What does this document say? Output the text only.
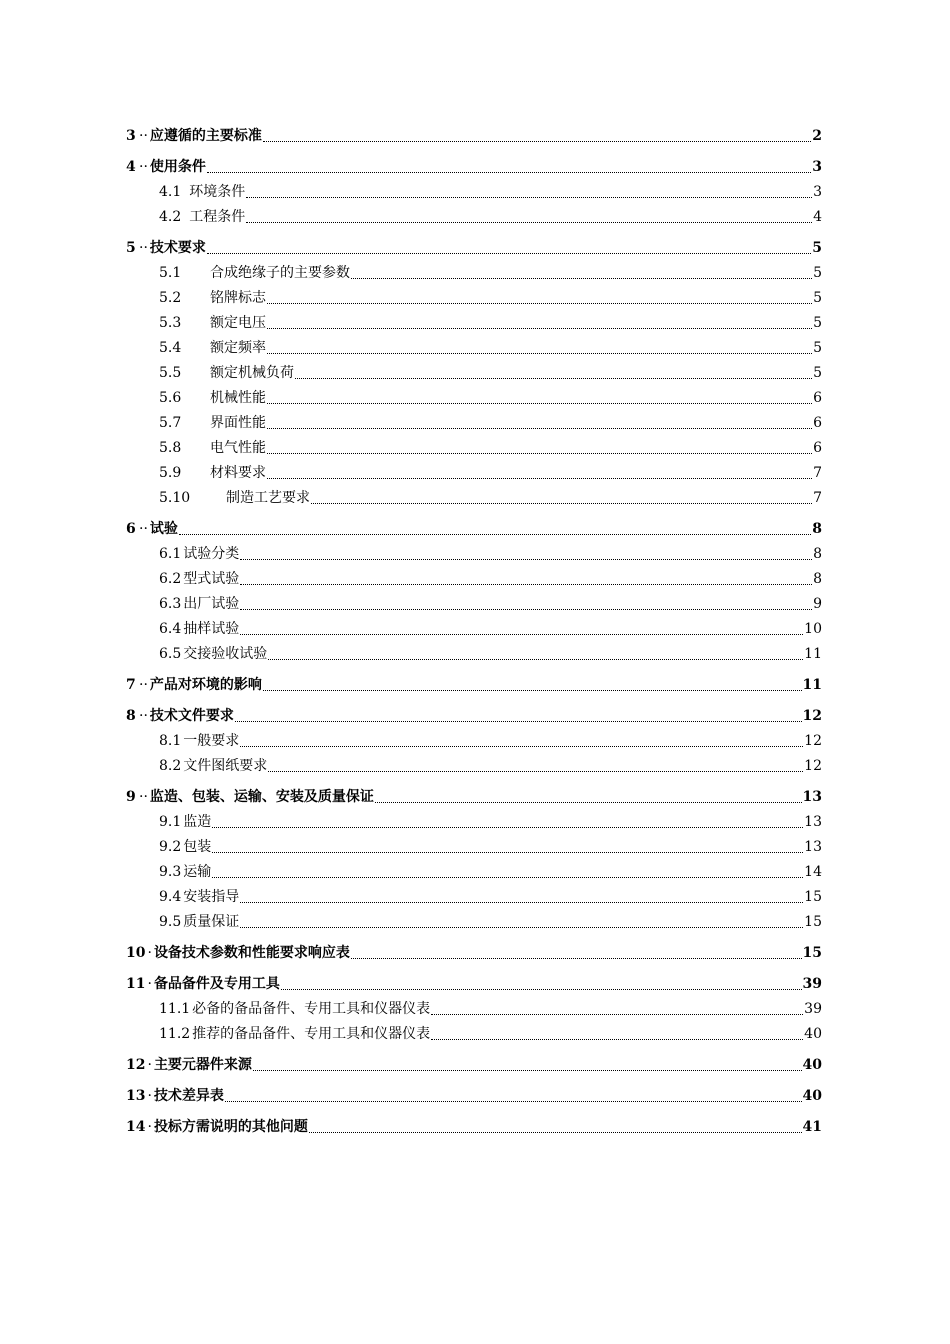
3 ·· 应遵循的主要标准	2
4 ·· 使用条件	3
4.1 环境条件	3
4.2 工程条件	4
5 ·· 技术要求	5
5.1	合成绝缘子的主要参数	5
5.2	铭牌标志	5
5.3	额定电压	5
5.4	额定频率	5
5.5	额定机械负荷	5
5.6	机械性能	6
5.7	界面性能	6
5.8	电气性能	6
5.9	材料要求	7
5.10	制造工艺要求	7
6 ·· 试验	8
6.1 试验分类	8
6.2 型式试验	8
6.3 出厂试验	9
6.4 抽样试验	10
6.5 交接验收试验	11
7 ·· 产品对环境的影响	11
8 ·· 技术文件要求	12
8.1 一般要求	12
8.2 文件图纸要求	12
9 ·· 监造、包装、运输、安装及质量保证	13
9.1 监造	13
9.2 包装	13
9.3 运输	14
9.4 安装指导	15
9.5 质量保证	15
10 · 设备技术参数和性能要求响应表	15
11 · 备品备件及专用工具	39
11.1 必备的备品备件、专用工具和仪器仪表	39
11.2 推荐的备品备件、专用工具和仪器仪表	40
12 · 主要元器件来源	40
13 · 技术差异表	40
14 · 投标方需说明的其他问题	41
